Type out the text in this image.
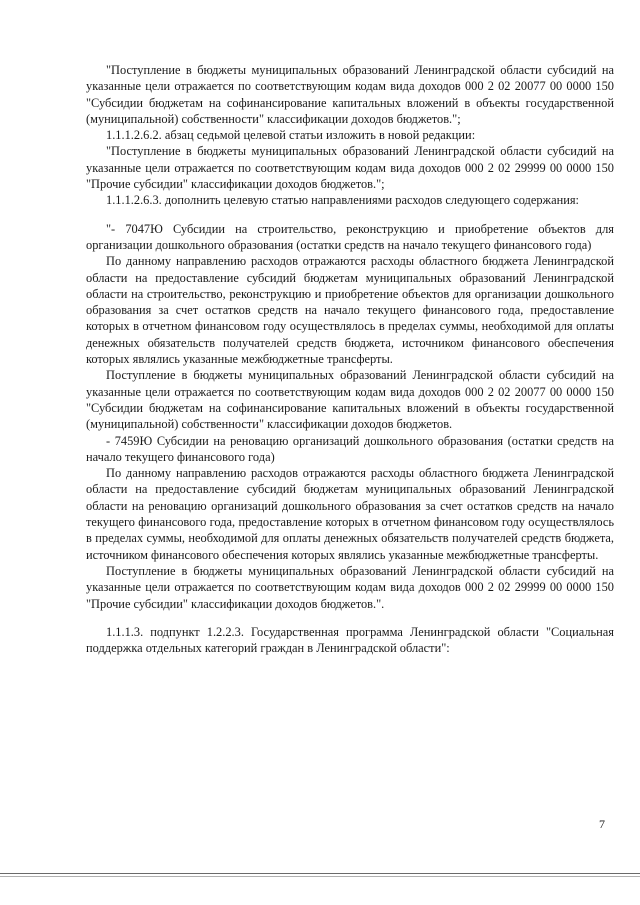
"Поступление в бюджеты муниципальных образований Ленинградской области субсидий на указанные цели отражается по соответствующим кодам вида доходов 000 2 02 20077 00 0000 150 "Субсидии бюджетам на софинансирование капитальных вложений в объекты государственной (муниципальной) собственности" классификации доходов бюджетов.";

1.1.1.2.6.2. абзац седьмой целевой статьи изложить в новой редакции:

"Поступление в бюджеты муниципальных образований Ленинградской области субсидий на указанные цели отражается по соответствующим кодам вида доходов 000 2 02 29999 00 0000 150 "Прочие субсидии" классификации доходов бюджетов.";

1.1.1.2.6.3. дополнить целевую статью направлениями расходов следующего содержания:

"- 7047Ю Субсидии на строительство, реконструкцию и приобретение объектов для организации дошкольного образования (остатки средств на начало текущего финансового года)

По данному направлению расходов отражаются расходы областного бюджета Ленинградской области на предоставление субсидий бюджетам муниципальных образований Ленинградской области на строительство, реконструкцию и приобретение объектов для организации дошкольного образования за счет остатков средств на начало текущего финансового года, предоставление которых в отчетном финансовом году осуществлялось в пределах суммы, необходимой для оплаты денежных обязательств получателей средств бюджета, источником финансового обеспечения которых являлись указанные межбюджетные трансферты.

Поступление в бюджеты муниципальных образований Ленинградской области субсидий на указанные цели отражается по соответствующим кодам вида доходов 000 2 02 20077 00 0000 150 "Субсидии бюджетам на софинансирование капитальных вложений в объекты государственной (муниципальной) собственности" классификации доходов бюджетов.

- 7459Ю Субсидии на реновацию организаций дошкольного образования (остатки средств на начало текущего финансового года)

По данному направлению расходов отражаются расходы областного бюджета Ленинградской области на предоставление субсидий бюджетам муниципальных образований Ленинградской области на реновацию организаций дошкольного образования за счет остатков средств на начало текущего финансового года, предоставление которых в отчетном финансовом году осуществлялось в пределах суммы, необходимой для оплаты денежных обязательств получателей средств бюджета, источником финансового обеспечения которых являлись указанные межбюджетные трансферты.

Поступление в бюджеты муниципальных образований Ленинградской области субсидий на указанные цели отражается по соответствующим кодам вида доходов 000 2 02 29999 00 0000 150 "Прочие субсидии" классификации доходов бюджетов.".

1.1.1.3. подпункт 1.2.2.3. Государственная программа Ленинградской области "Социальная поддержка отдельных категорий граждан в Ленинградской области":

7
